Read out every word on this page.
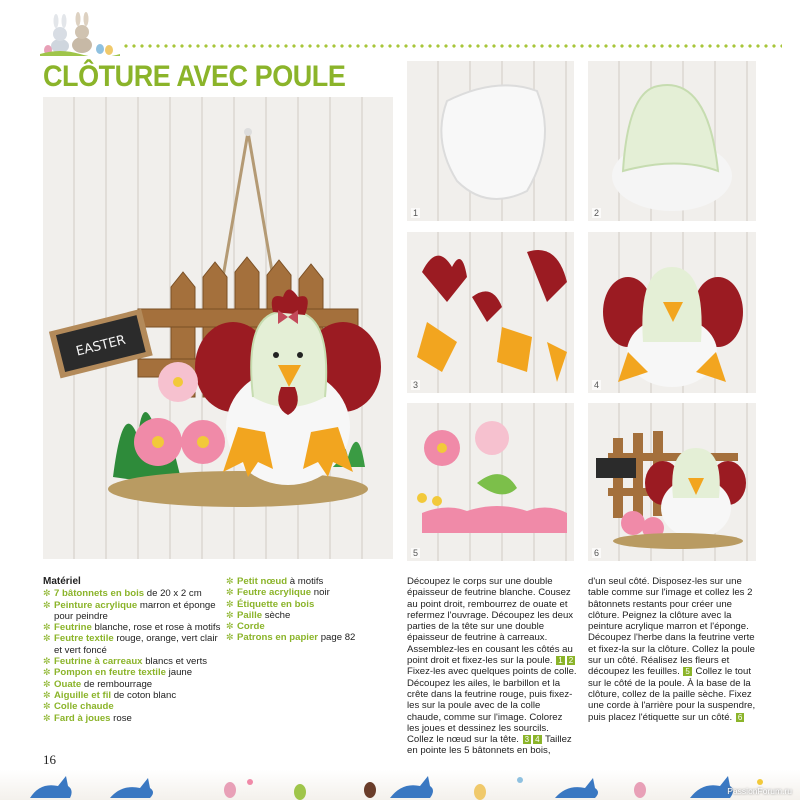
CLÔTURE AVEC POULE
EASTER
1	2
3	4
5	6
Matériel
✼ 7 bâtonnets en bois de 20 x 2 cm
✼ Peinture acrylique marron et éponge pour peindre
✼ Feutrine blanche, rose et rose à motifs
✼ Feutre textile rouge, orange, vert clair et vert foncé
✼ Feutrine à carreaux blancs et verts
✼ Pompon en feutre textile jaune
✼ Ouate de rembourrage
✼ Aiguille et fil de coton blanc
✼ Colle chaude
✼ Fard à joues rose
✼ Petit nœud à motifs
✼ Feutre acrylique noir
✼ Étiquette en bois
✼ Paille sèche
✼ Corde
✼ Patrons en papier page 82
Découpez le corps sur une double épaisseur de feutrine blanche. Cousez au point droit, rembourrez de ouate et refermez l'ouvrage. Découpez les deux parties de la tête sur une double épaisseur de feutrine à carreaux. Assemblez-les en cousant les côtés au point droit et fixez-les sur la poule. 1 2 Fixez-les avec quelques points de colle. Découpez les ailes, le barbillon et la crête dans la feutrine rouge, puis fixez-les sur la poule avec de la colle chaude, comme sur l'image. Colorez les joues et dessinez les sourcils. Collez le nœud sur la tête. 3 4 Taillez en pointe les 5 bâtonnets en bois,
d'un seul côté. Disposez-les sur une table comme sur l'image et collez les 2 bâtonnets restants pour créer une clôture. Peignez la clôture avec la peinture acrylique marron et l'éponge. Découpez l'herbe dans la feutrine verte et fixez-la sur la clôture. Collez la poule sur un côté. Réalisez les fleurs et découpez les feuilles. 5 Collez le tout sur le côté de la poule. À la base de la clôture, collez de la paille sèche. Fixez une corde à l'arrière pour la suspendre, puis placez l'étiquette sur un côté. 6
16
PassionForum.ru
